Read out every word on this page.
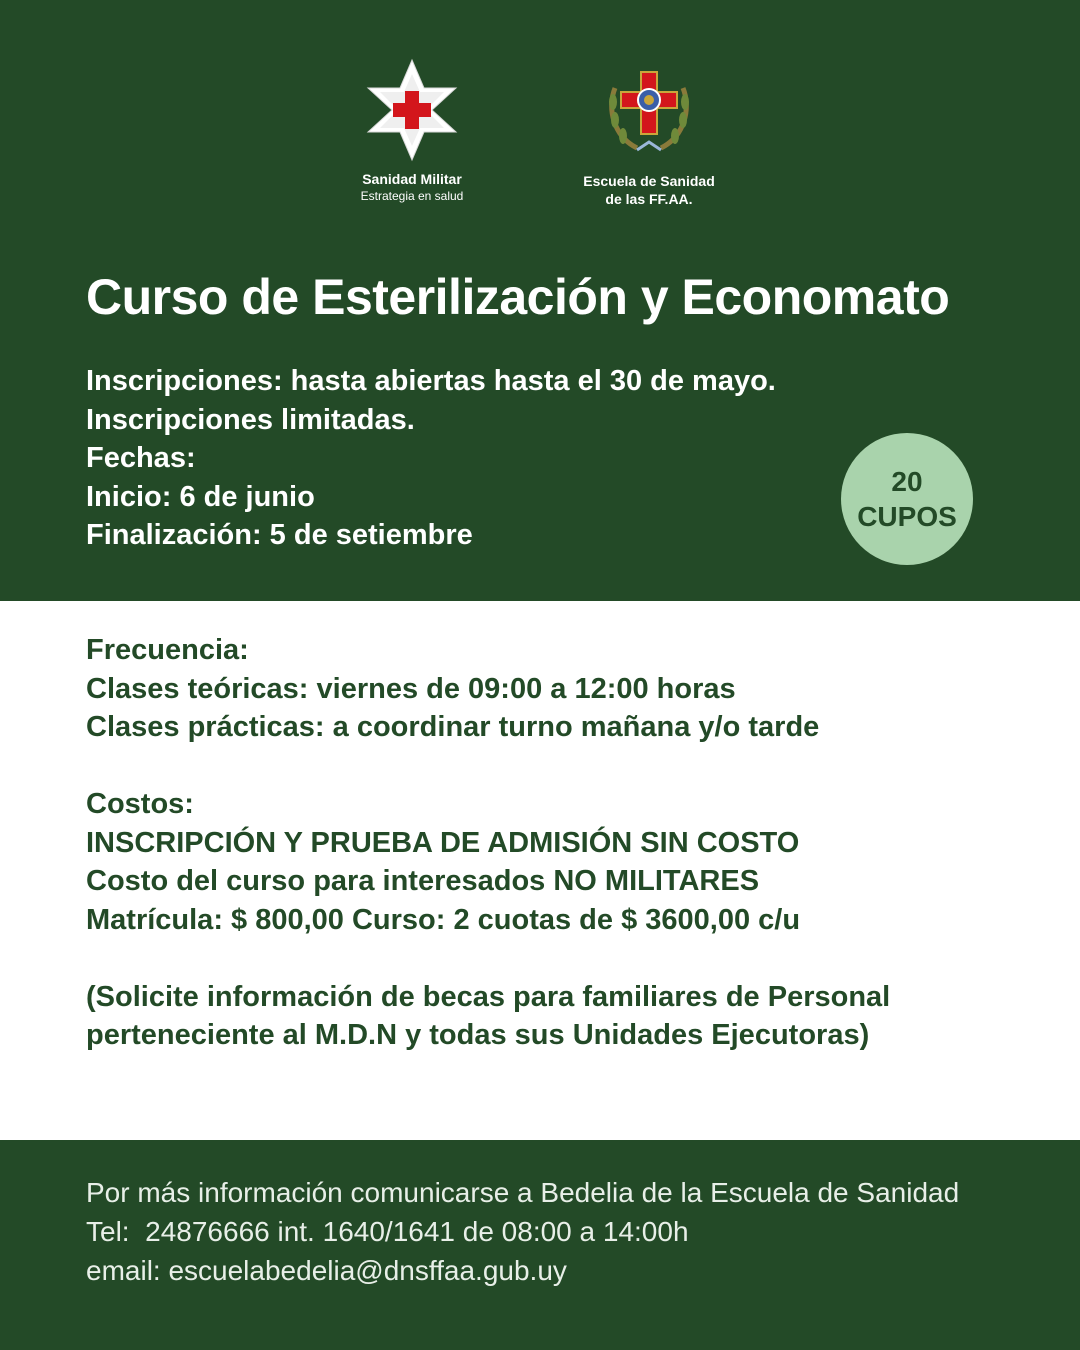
Sanidad Militar
Estrategia en salud
Escuela de Sanidad
de las FF.AA.
Curso de Esterilización y Economato
Inscripciones: hasta abiertas hasta el 30 de mayo.
Inscripciones limitadas.
Fechas:
Inicio: 6 de junio
Finalización: 5 de setiembre
20
CUPOS
Frecuencia:
Clases teóricas: viernes de 09:00 a 12:00 horas
Clases prácticas: a coordinar turno mañana y/o tarde
Costos:
INSCRIPCIÓN Y PRUEBA DE ADMISIÓN SIN COSTO
Costo del curso para interesados NO MILITARES
Matrícula: $ 800,00 Curso: 2 cuotas de $ 3600,00 c/u
(Solicite información de becas para familiares de Personal
perteneciente al M.D.N y todas sus Unidades Ejecutoras)
Por más información comunicarse a Bedelia de la Escuela de Sanidad
Tel:  24876666 int. 1640/1641 de 08:00 a 14:00h
email: escuelabedelia@dnsffaa.gub.uy
